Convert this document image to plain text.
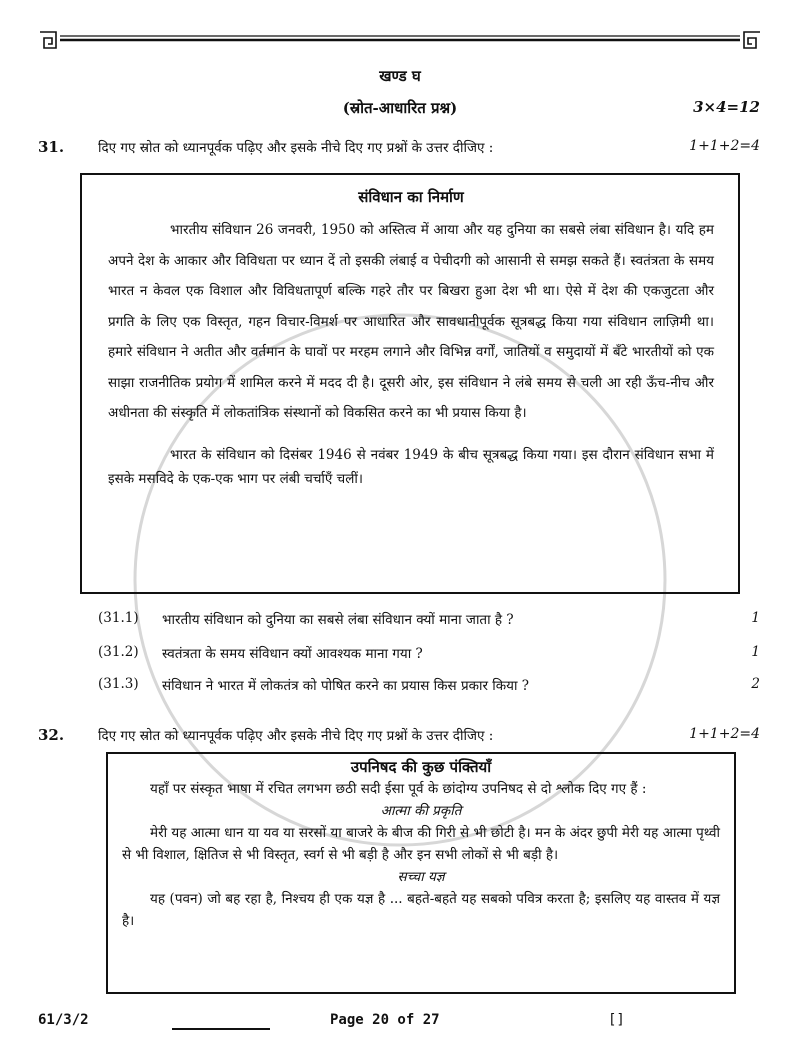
खण्ड घ
(स्रोत-आधारित प्रश्न)	3×4=12
31.	दिए गए स्रोत को ध्यानपूर्वक पढ़िए और इसके नीचे दिए गए प्रश्नों के उत्तर दीजिए :	1+1+2=4
संविधान का निर्माण

भारतीय संविधान 26 जनवरी, 1950 को अस्तित्व में आया और यह दुनिया का सबसे लंबा संविधान है। यदि हम अपने देश के आकार और विविधता पर ध्यान दें तो इसकी लंबाई व पेचीदगी को आसानी से समझ सकते हैं। स्वतंत्रता के समय भारत न केवल एक विशाल और विविधतापूर्ण बल्कि गहरे तौर पर बिखरा हुआ देश भी था। ऐसे में देश की एकजुटता और प्रगति के लिए एक विस्तृत, गहन विचार-विमर्श पर आधारित और सावधानीपूर्वक सूत्रबद्ध किया गया संविधान लाज़िमी था। हमारे संविधान ने अतीत और वर्तमान के घावों पर मरहम लगाने और विभिन्न वर्गों, जातियों व समुदायों में बँटे भारतीयों को एक साझा राजनीतिक प्रयोग में शामिल करने में मदद दी है। दूसरी ओर, इस संविधान ने लंबे समय से चली आ रही ऊँच-नीच और अधीनता की संस्कृति में लोकतांत्रिक संस्थानों को विकसित करने का भी प्रयास किया है।

भारत के संविधान को दिसंबर 1946 से नवंबर 1949 के बीच सूत्रबद्ध किया गया। इस दौरान संविधान सभा में इसके मसविदे के एक-एक भाग पर लंबी चर्चाएँ चलीं।

(31.1) भारतीय संविधान को दुनिया का सबसे लंबा संविधान क्यों माना जाता है ?	1
(31.2) स्वतंत्रता के समय संविधान क्यों आवश्यक माना गया ?	1
(31.3) संविधान ने भारत में लोकतंत्र को पोषित करने का प्रयास किस प्रकार किया ?	2
32.	दिए गए स्रोत को ध्यानपूर्वक पढ़िए और इसके नीचे दिए गए प्रश्नों के उत्तर दीजिए :	1+1+2=4
उपनिषद की कुछ पंक्तियाँ

यहाँ पर संस्कृत भाषा में रचित लगभग छठी सदी ईसा पूर्व के छांदोग्य उपनिषद से दो श्लोक दिए गए हैं :

आत्मा की प्रकृति

मेरी यह आत्मा धान या यव या सरसों या बाजरे के बीज की गिरी से भी छोटी है। मन के अंदर छुपी मेरी यह आत्मा पृथ्वी से भी विशाल, क्षितिज से भी विस्तृत, स्वर्ग से भी बड़ी है और इन सभी लोकों से भी बड़ी है।

सच्चा यज्ञ

यह (पवन) जो बह रहा है, निश्चय ही एक यज्ञ है ... बहते-बहते यह सबको पवित्र करता है; इसलिए यह वास्तव में यज्ञ है।

61/3/2	Page 20 of 27	[]
